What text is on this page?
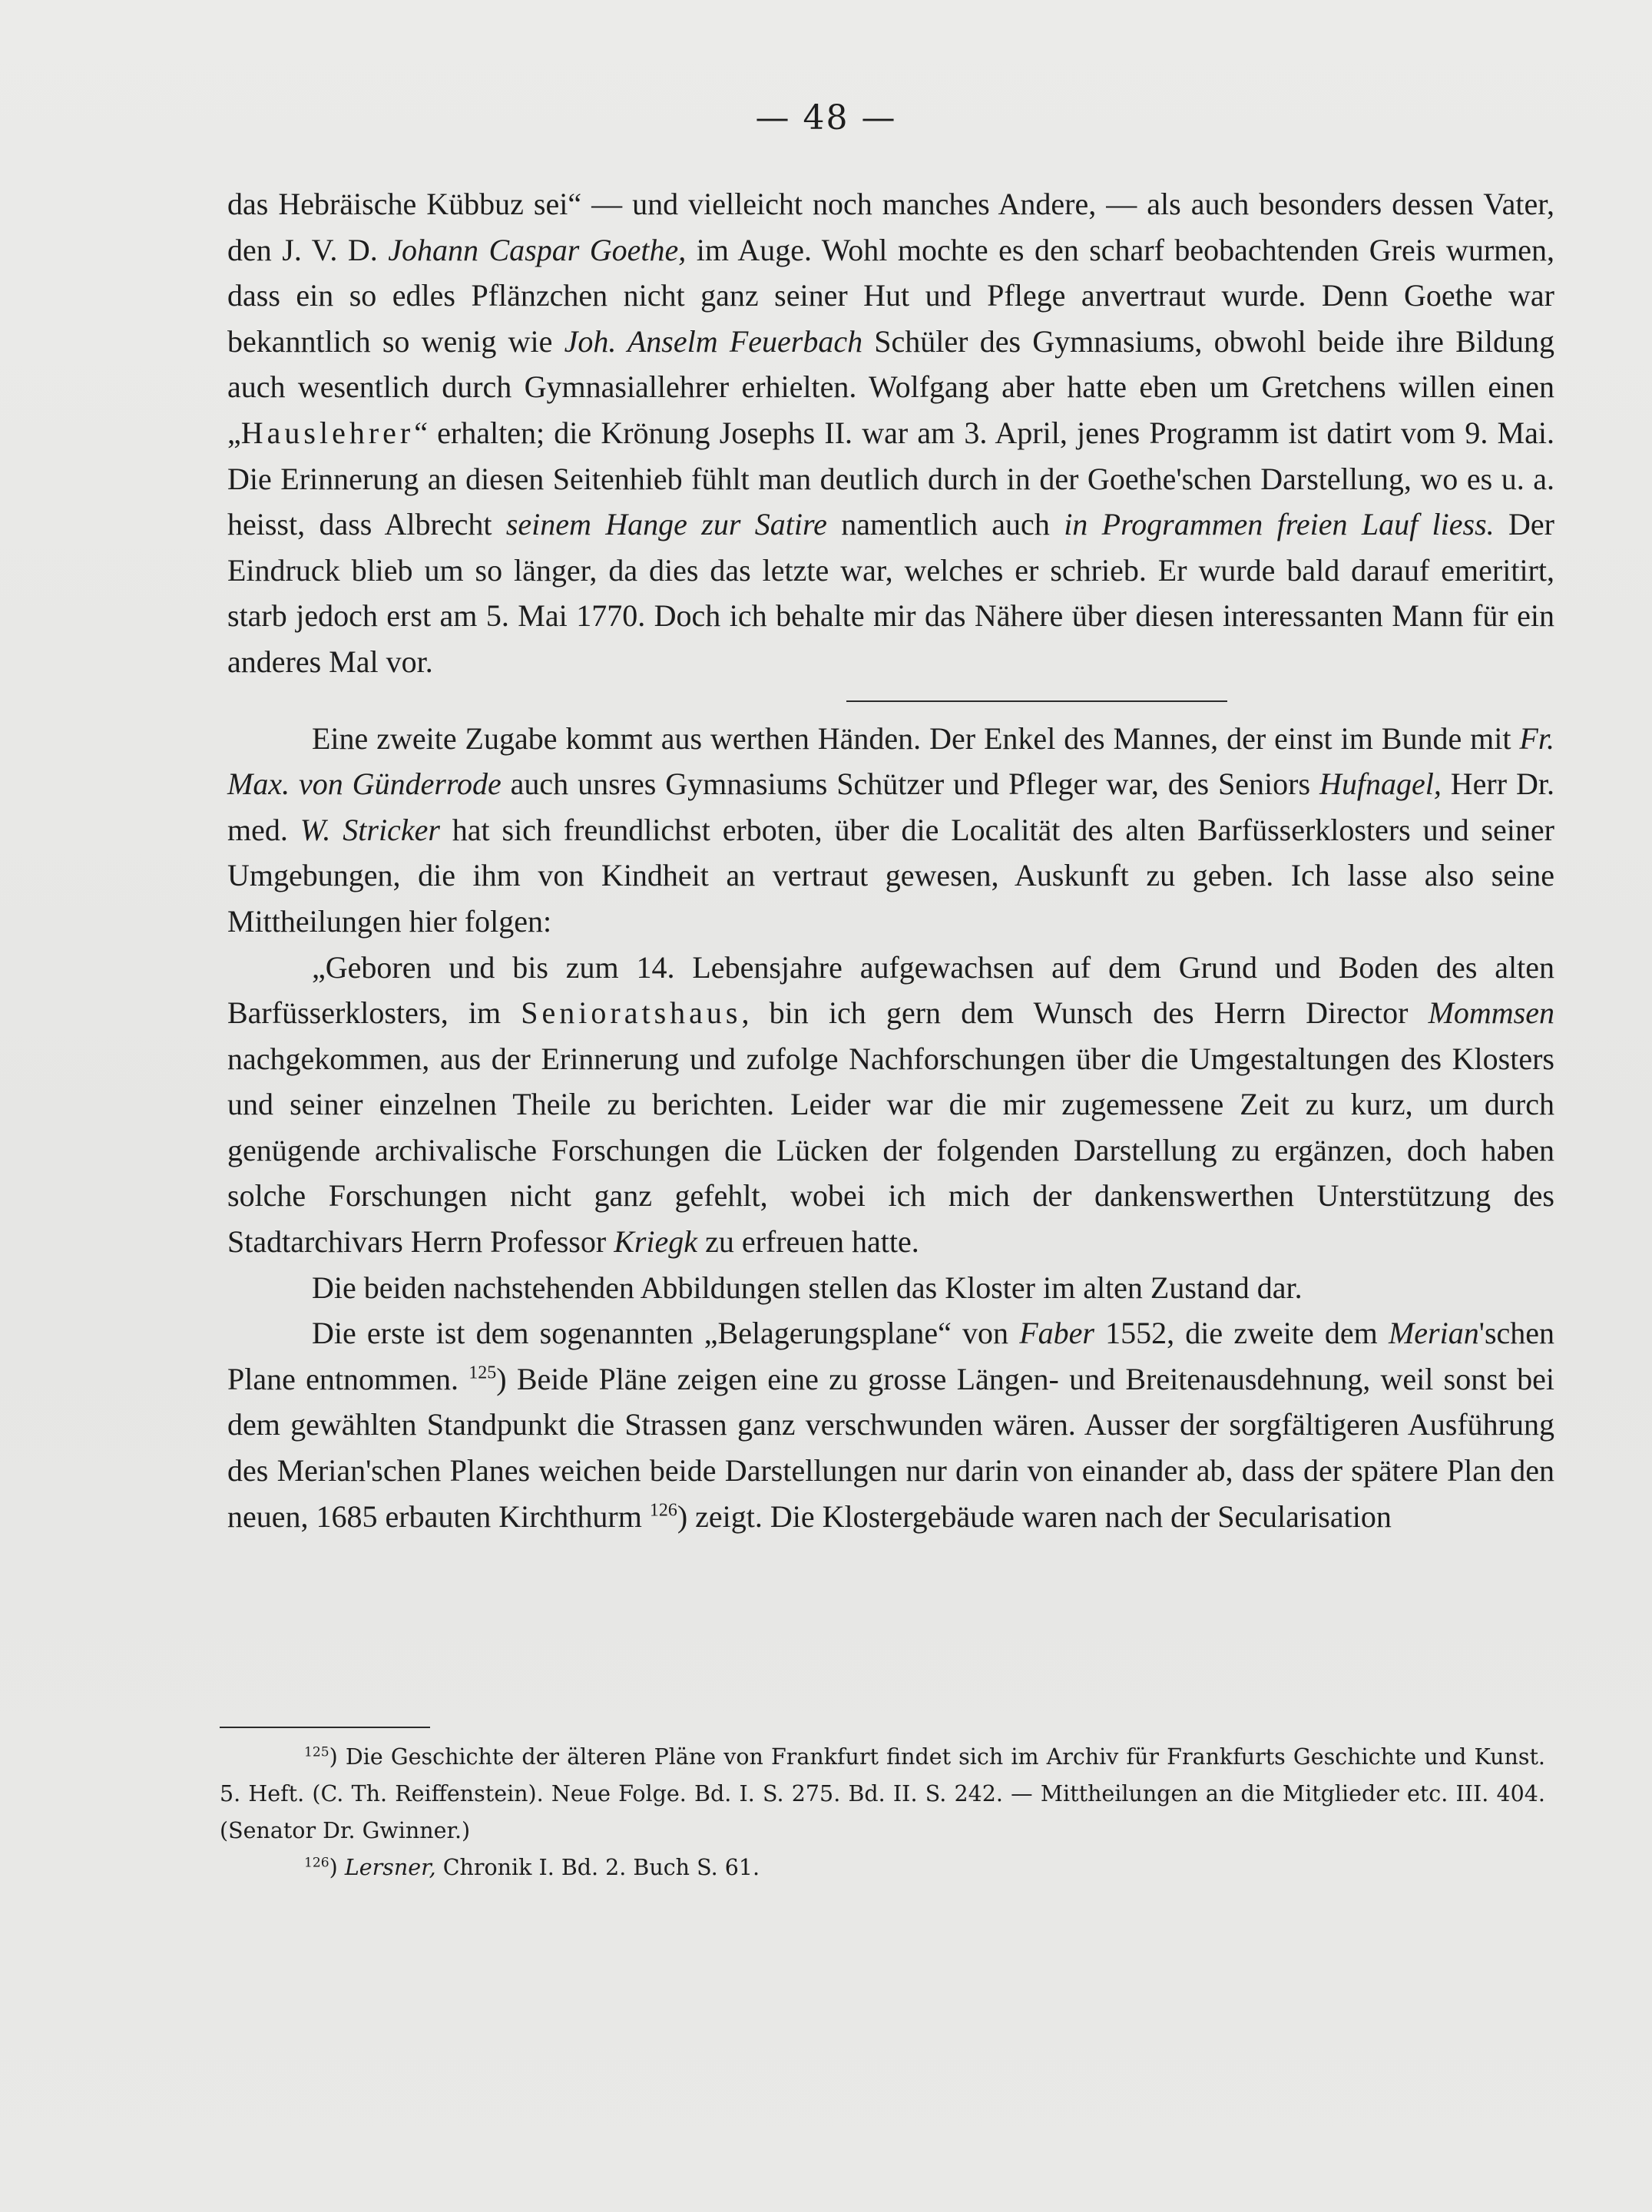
— 48 —

das Hebräische Kübbuz sei“ — und vielleicht noch manches Andere, — als auch besonders dessen Vater, den J. V. D. Johann Caspar Goethe, im Auge. Wohl mochte es den scharf beobachtenden Greis wurmen, dass ein so edles Pflänzchen nicht ganz seiner Hut und Pflege anvertraut wurde. Denn Goethe war bekanntlich so wenig wie Joh. Anselm Feuerbach Schüler des Gymnasiums, obwohl beide ihre Bildung auch wesentlich durch Gymnasiallehrer erhielten. Wolfgang aber hatte eben um Gretchens willen einen „Hauslehrer“ erhalten; die Krönung Josephs II. war am 3. April, jenes Programm ist datirt vom 9. Mai. Die Erinnerung an diesen Seitenhieb fühlt man deutlich durch in der Goethe'schen Darstellung, wo es u. a. heisst, dass Albrecht seinem Hange zur Satire namentlich auch in Programmen freien Lauf liess. Der Eindruck blieb um so länger, da dies das letzte war, welches er schrieb. Er wurde bald darauf emeritirt, starb jedoch erst am 5. Mai 1770. Doch ich behalte mir das Nähere über diesen interessanten Mann für ein anderes Mal vor.

Eine zweite Zugabe kommt aus werthen Händen. Der Enkel des Mannes, der einst im Bunde mit Fr. Max. von Günderrode auch unsres Gymnasiums Schützer und Pfleger war, des Seniors Hufnagel, Herr Dr. med. W. Stricker hat sich freundlichst erboten, über die Localität des alten Barfüsserklosters und seiner Umgebungen, die ihm von Kindheit an vertraut gewesen, Auskunft zu geben. Ich lasse also seine Mittheilungen hier folgen:

„Geboren und bis zum 14. Lebensjahre aufgewachsen auf dem Grund und Boden des alten Barfüsserklosters, im Senioratshaus, bin ich gern dem Wunsch des Herrn Director Mommsen nachgekommen, aus der Erinnerung und zufolge Nachforschungen über die Umgestaltungen des Klosters und seiner einzelnen Theile zu berichten. Leider war die mir zugemessene Zeit zu kurz, um durch genügende archivalische Forschungen die Lücken der folgenden Darstellung zu ergänzen, doch haben solche Forschungen nicht ganz gefehlt, wobei ich mich der dankenswerthen Unterstützung des Stadtarchivars Herrn Professor Kriegk zu erfreuen hatte.

Die beiden nachstehenden Abbildungen stellen das Kloster im alten Zustand dar.

Die erste ist dem sogenannten „Belagerungsplane“ von Faber 1552, die zweite dem Merian'schen Plane entnommen. $^{125}$) Beide Pläne zeigen eine zu grosse Längen- und Breitenausdehnung, weil sonst bei dem gewählten Standpunkt die Strassen ganz verschwunden wären. Ausser der sorgfältigeren Ausführung des Merian'schen Planes weichen beide Darstellungen nur darin von einander ab, dass der spätere Plan den neuen, 1685 erbauten Kirchthurm $^{126}$) zeigt. Die Klostergebäude waren nach der Secularisation

$^{125}$) Die Geschichte der älteren Pläne von Frankfurt findet sich im Archiv für Frankfurts Geschichte und Kunst. 5. Heft. (C. Th. Reiffenstein). Neue Folge. Bd. I. S. 275. Bd. II. S. 242. — Mittheilungen an die Mitglieder etc. III. 404. (Senator Dr. Gwinner.)

$^{126}$) Lersner, Chronik I. Bd. 2. Buch S. 61.
